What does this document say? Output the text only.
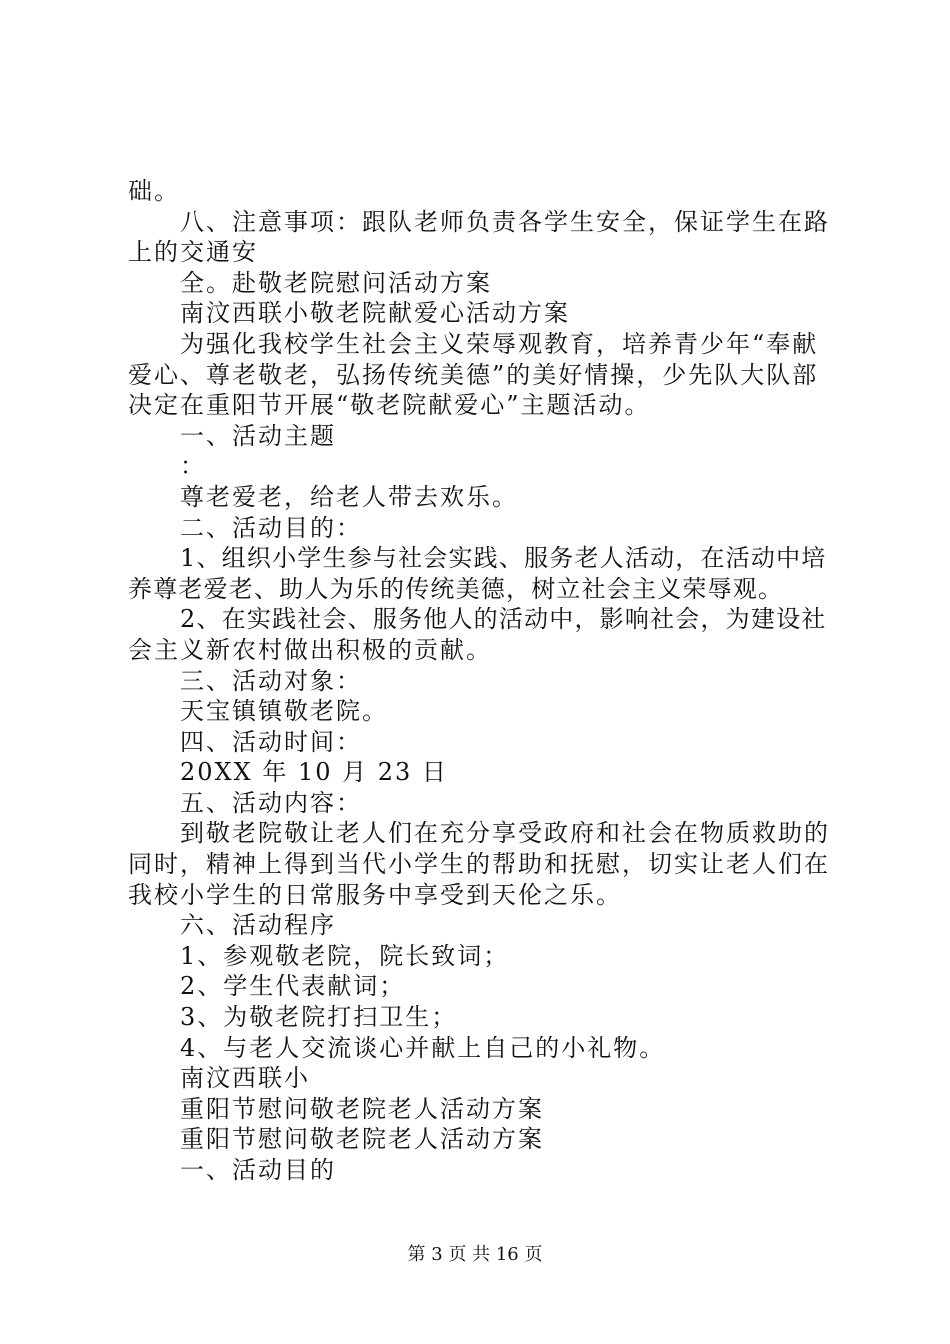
础。
八、注意事项：跟队老师负责各学生安全，保证学生在路
上的交通安
全。赴敬老院慰问活动方案
南汶西联小敬老院献爱心活动方案
为强化我校学生社会主义荣辱观教育，培养青少年“奉献
爱心、尊老敬老，弘扬传统美德”的美好情操，少先队大队部
决定在重阳节开展“敬老院献爱心”主题活动。
一、活动主题
：
尊老爱老，给老人带去欢乐。
二、活动目的：
1、组织小学生参与社会实践、服务老人活动，在活动中培
养尊老爱老、助人为乐的传统美德，树立社会主义荣辱观。
2、在实践社会、服务他人的活动中，影响社会，为建设社
会主义新农村做出积极的贡献。
三、活动对象：
天宝镇镇敬老院。
四、活动时间：
20XX 年 10 月 23 日
五、活动内容：
到敬老院敬让老人们在充分享受政府和社会在物质救助的
同时，精神上得到当代小学生的帮助和抚慰，切实让老人们在
我校小学生的日常服务中享受到天伦之乐。
六、活动程序
1、参观敬老院，院长致词；
2、学生代表献词；
3、为敬老院打扫卫生；
4、与老人交流谈心并献上自己的小礼物。
南汶西联小
重阳节慰问敬老院老人活动方案
重阳节慰问敬老院老人活动方案
一、活动目的
第 3 页 共 16 页
